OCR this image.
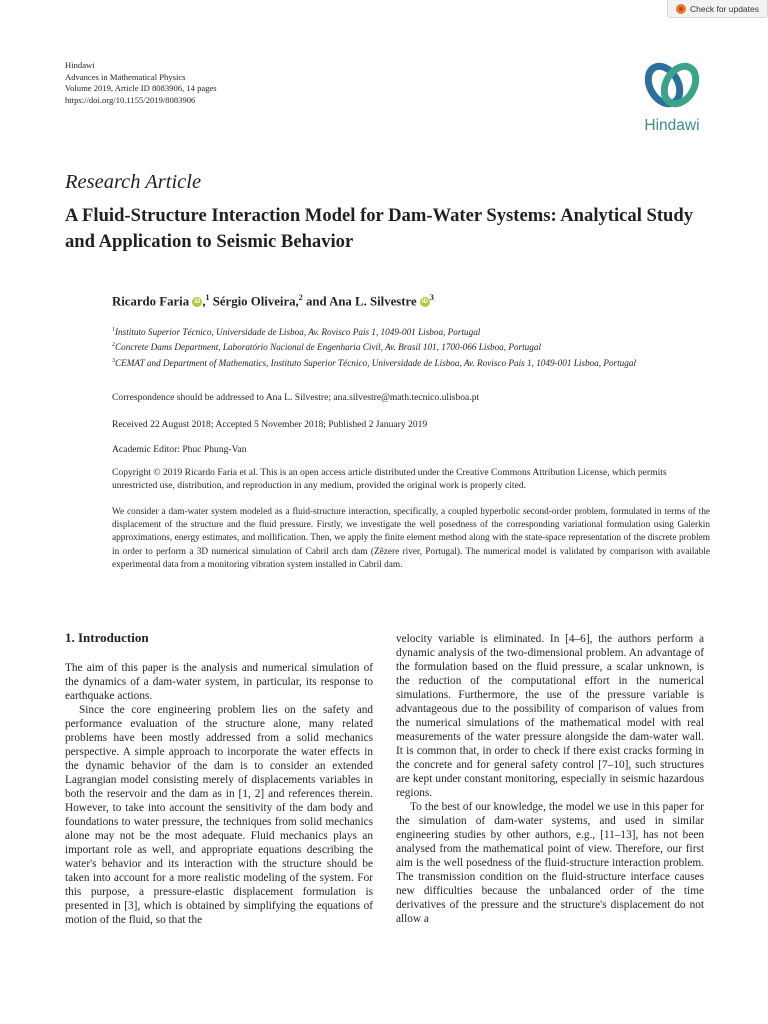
Check for updates
Hindawi
Advances in Mathematical Physics
Volume 2019, Article ID 8083906, 14 pages
https://doi.org/10.1155/2019/8083906
Hindawi
Research Article
A Fluid-Structure Interaction Model for Dam-Water Systems: Analytical Study and Application to Seismic Behavior
Ricardo Faria iD ,$^1$ Sérgio Oliveira,$^2$ and Ana L. Silvestre $iD^3$
$^1$Instituto Superior Técnico, Universidade de Lisboa, Av. Rovisco Pais 1, 1049-001 Lisboa, Portugal
$^2$Concrete Dams Department, Laboratório Nacional de Engenharia Civil, Av. Brasil 101, 1700-066 Lisboa, Portugal
$^3$CEMAT and Department of Mathematics, Instituto Superior Técnico, Universidade de Lisboa, Av. Rovisco Pais 1, 1049-001 Lisboa, Portugal
Correspondence should be addressed to Ana L. Silvestre; ana.silvestre@math.tecnico.ulisboa.pt
Received 22 August 2018; Accepted 5 November 2018; Published 2 January 2019
Academic Editor: Phuc Phung-Van
Copyright © 2019 Ricardo Faria et al. This is an open access article distributed under the Creative Commons Attribution License, which permits unrestricted use, distribution, and reproduction in any medium, provided the original work is properly cited.
We consider a dam-water system modeled as a fluid-structure interaction, specifically, a coupled hyperbolic second-order problem, formulated in terms of the displacement of the structure and the fluid pressure. Firstly, we investigate the well posedness of the corresponding variational formulation using Galerkin approximations, energy estimates, and mollification. Then, we apply the finite element method along with the state-space representation of the discrete problem in order to perform a 3D numerical simulation of Cabril arch dam (Zêzere river, Portugal). The numerical model is validated by comparison with available experimental data from a monitoring vibration system installed in Cabril dam.
1. Introduction

The aim of this paper is the analysis and numerical simulation of the dynamics of a dam-water system, in particular, its response to earthquake actions.

Since the core engineering problem lies on the safety and performance evaluation of the structure alone, many related problems have been mostly addressed from a solid mechanics perspective. A simple approach to incorporate the water effects in the dynamic behavior of the dam is to consider an extended Lagrangian model consisting merely of displacements variables in both the reservoir and the dam as in [1, 2] and references therein. However, to take into account the sensitivity of the dam body and foundations to water pressure, the techniques from solid mechanics alone may not be the most adequate. Fluid mechanics plays an important role as well, and appropriate equations describing the water's behavior and its interaction with the structure should be taken into account for a more realistic modeling of the system. For this purpose, a pressure-elastic displacement formulation is presented in [3], which is obtained by simplifying the equations of motion of the fluid, so that the

velocity variable is eliminated. In [4–6], the authors perform a dynamic analysis of the two-dimensional problem. An advantage of the formulation based on the fluid pressure, a scalar unknown, is the reduction of the computational effort in the numerical simulations. Furthermore, the use of the pressure variable is advantageous due to the possibility of comparison of values from the numerical simulations of the mathematical model with real measurements of the water pressure alongside the dam-water wall. It is common that, in order to check if there exist cracks forming in the concrete and for general safety control [7–10], such structures are kept under constant monitoring, especially in seismic hazardous regions.

To the best of our knowledge, the model we use in this paper for the simulation of dam-water systems, and used in similar engineering studies by other authors, e.g., [11–13], has not been analysed from the mathematical point of view. Therefore, our first aim is the well posedness of the fluid-structure interaction problem. The transmission condition on the fluid-structure interface causes new difficulties because the unbalanced order of the time derivatives of the pressure and the structure's displacement do not allow a
